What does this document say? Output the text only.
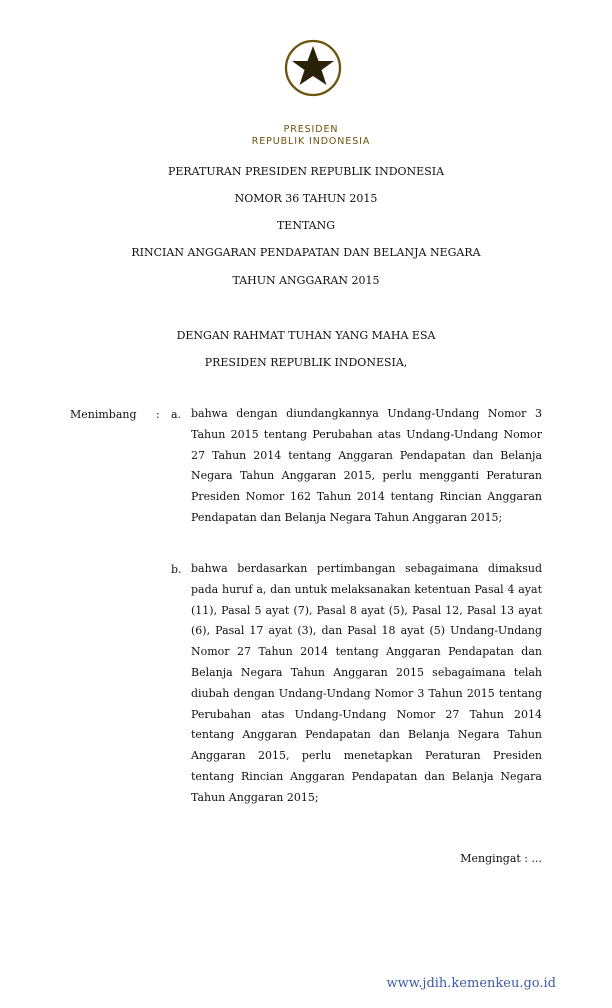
PRESIDEN
REPUBLIK INDONESIA
PERATURAN PRESIDEN REPUBLIK INDONESIA
NOMOR 36 TAHUN 2015
TENTANG
RINCIAN ANGGARAN PENDAPATAN DAN BELANJA NEGARA
TAHUN ANGGARAN 2015
DENGAN RAHMAT TUHAN YANG MAHA ESA
PRESIDEN REPUBLIK INDONESIA,
Menimbang : a. bahwa dengan diundangkannya Undang-Undang Nomor 3 Tahun 2015 tentang Perubahan atas Undang-Undang Nomor 27 Tahun 2014 tentang Anggaran Pendapatan dan Belanja Negara Tahun Anggaran 2015, perlu mengganti Peraturan Presiden Nomor 162 Tahun 2014 tentang Rincian Anggaran Pendapatan dan Belanja Negara Tahun Anggaran 2015;
b. bahwa berdasarkan pertimbangan sebagaimana dimaksud pada huruf a, dan untuk melaksanakan ketentuan Pasal 4 ayat (11), Pasal 5 ayat (7), Pasal 8 ayat (5), Pasal 12, Pasal 13 ayat (6), Pasal 17 ayat (3), dan Pasal 18 ayat (5) Undang-Undang Nomor 27 Tahun 2014 tentang Anggaran Pendapatan dan Belanja Negara Tahun Anggaran 2015 sebagaimana telah diubah dengan Undang-Undang Nomor 3 Tahun 2015 tentang Perubahan atas Undang-Undang Nomor 27 Tahun 2014 tentang Anggaran Pendapatan dan Belanja Negara Tahun Anggaran 2015, perlu menetapkan Peraturan Presiden tentang Rincian Anggaran Pendapatan dan Belanja Negara Tahun Anggaran 2015;
Mengingat : ...
www.jdih.kemenkeu.go.id
